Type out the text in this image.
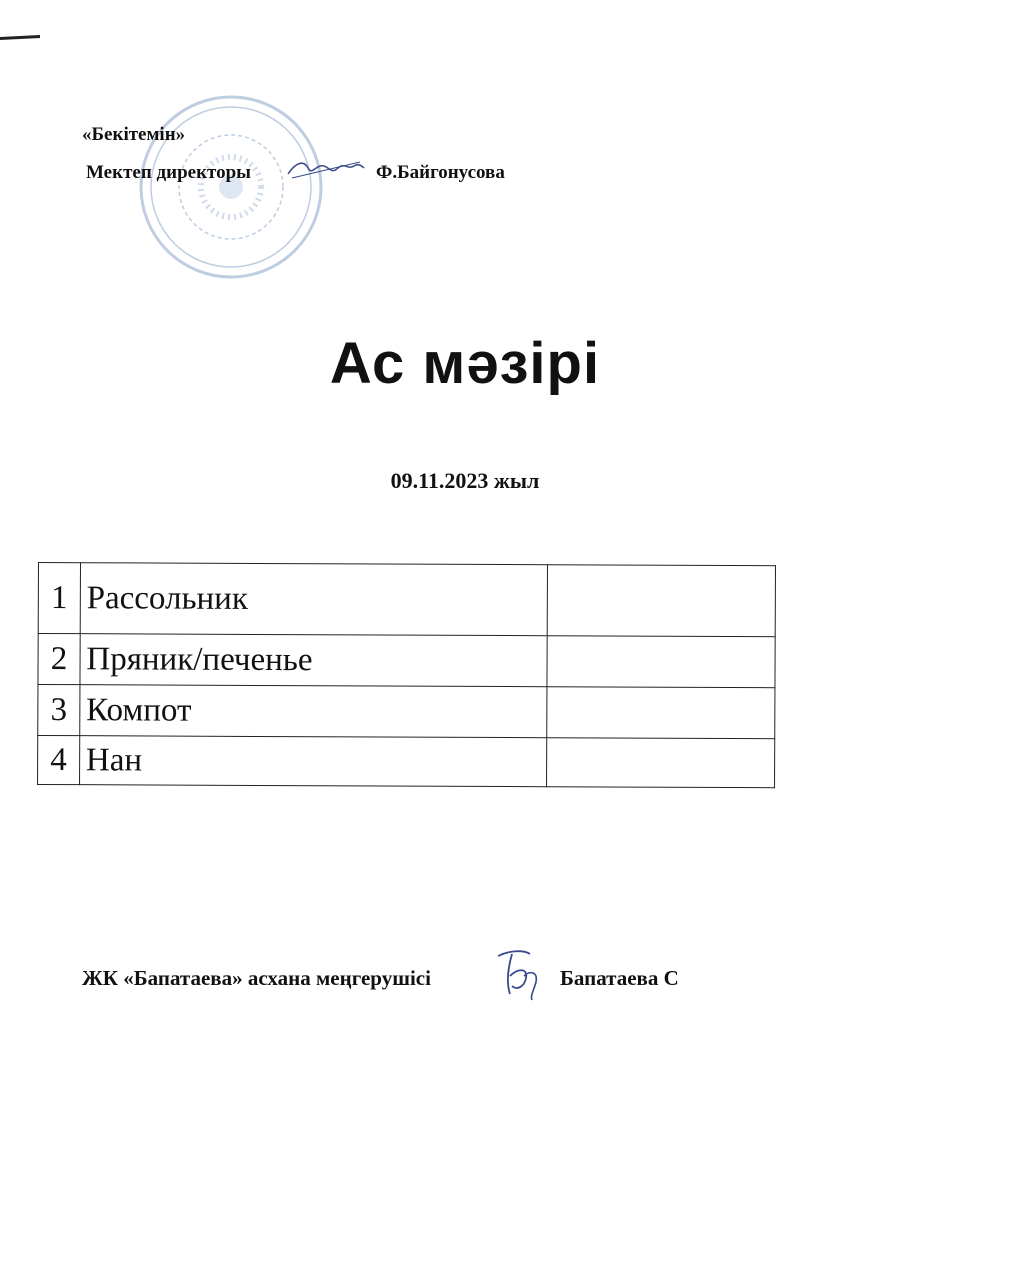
«Бекітемін»
Мектеп директоры	Ф.Байгонусова
Ас мәзірі
09.11.2023 жыл
1	Рассольник	
2	Пряник/печенье	
3	Компот	
4	Нан	
ЖК «Бапатаева» асхана меңгерушісі	Бапатаева С
